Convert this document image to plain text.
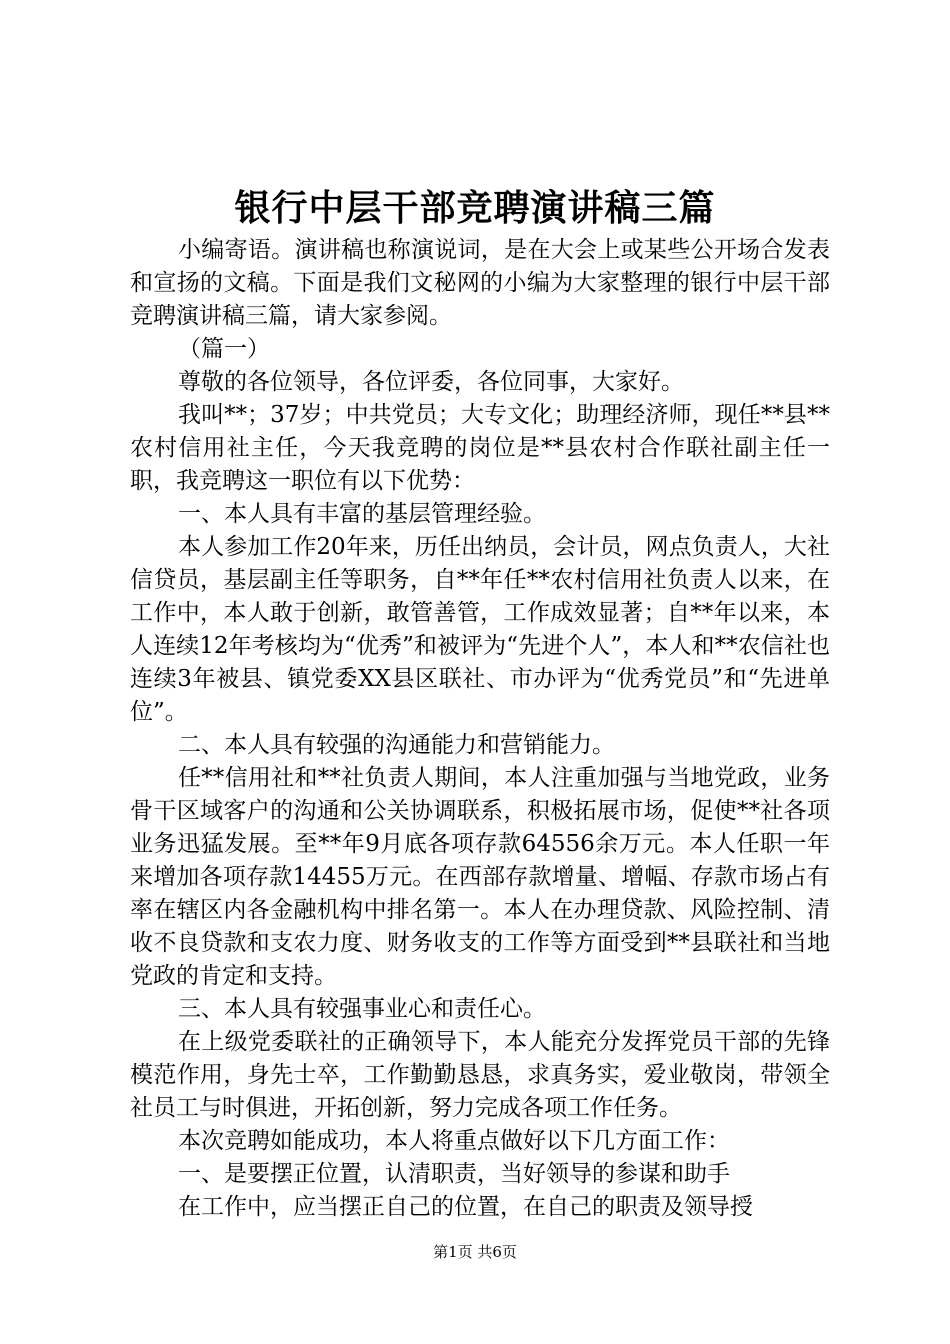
银行中层干部竞聘演讲稿三篇

小编寄语。演讲稿也称演说词，是在大会上或某些公开场合发表和宣扬的文稿。下面是我们文秘网的小编为大家整理的银行中层干部竞聘演讲稿三篇，请大家参阅。

（篇一）

尊敬的各位领导，各位评委，各位同事，大家好。

我叫**；37岁；中共党员；大专文化；助理经济师，现任**县**农村信用社主任，今天我竞聘的岗位是**县农村合作联社副主任一职，我竞聘这一职位有以下优势：

一、本人具有丰富的基层管理经验。

本人参加工作20年来，历任出纳员，会计员，网点负责人，大社信贷员，基层副主任等职务，自**年任**农村信用社负责人以来，在工作中，本人敢于创新，敢管善管，工作成效显著；自**年以来，本人连续12年考核均为“优秀”和被评为“先进个人”，本人和**农信社也连续3年被县、镇党委XX县区联社、市办评为“优秀党员”和“先进单位”。

二、本人具有较强的沟通能力和营销能力。

任**信用社和**社负责人期间，本人注重加强与当地党政，业务骨干区域客户的沟通和公关协调联系，积极拓展市场，促使**社各项业务迅猛发展。至**年9月底各项存款64556余万元。本人任职一年来增加各项存款14455万元。在西部存款增量、增幅、存款市场占有率在辖区内各金融机构中排名第一。本人在办理贷款、风险控制、清收不良贷款和支农力度、财务收支的工作等方面受到**县联社和当地党政的肯定和支持。

三、本人具有较强事业心和责任心。

在上级党委联社的正确领导下，本人能充分发挥党员干部的先锋模范作用，身先士卒，工作勤勤恳恳，求真务实，爱业敬岗，带领全社员工与时俱进，开拓创新，努力完成各项工作任务。

本次竞聘如能成功，本人将重点做好以下几方面工作：

一、是要摆正位置，认清职责，当好领导的参谋和助手

在工作中，应当摆正自己的位置，在自己的职责及领导授

第1页 共6页
